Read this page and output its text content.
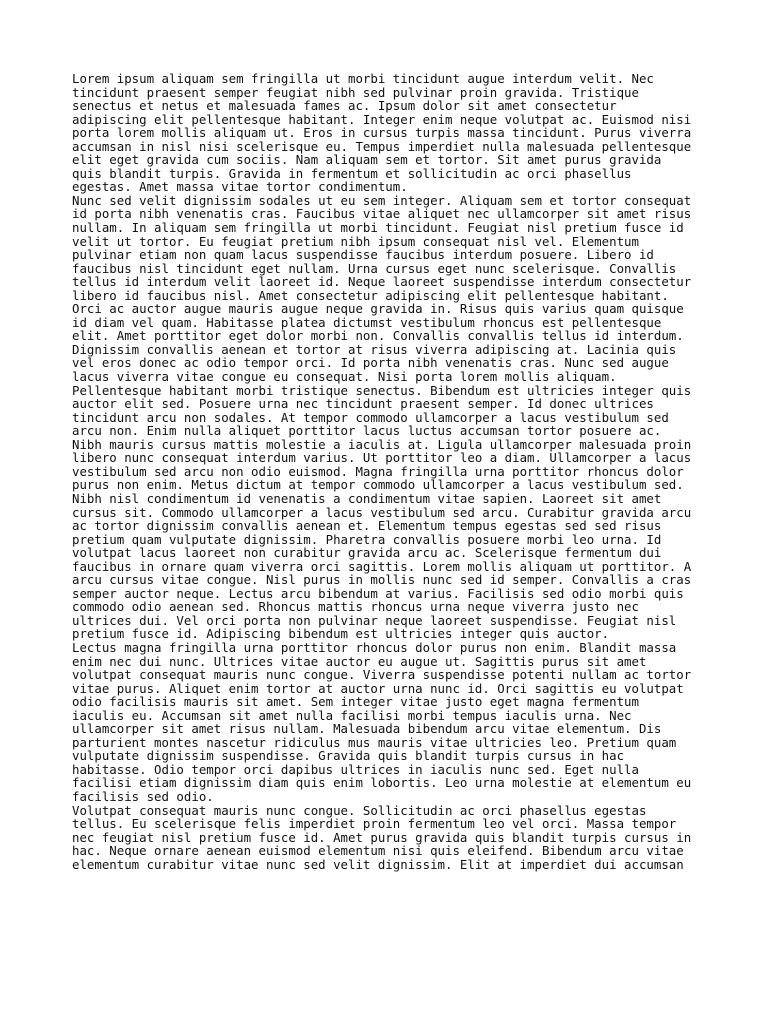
Lorem ipsum aliquam sem fringilla ut morbi tincidunt augue interdum velit. Nec
tincidunt praesent semper feugiat nibh sed pulvinar proin gravida. Tristique
senectus et netus et malesuada fames ac. Ipsum dolor sit amet consectetur
adipiscing elit pellentesque habitant. Integer enim neque volutpat ac. Euismod nisi
porta lorem mollis aliquam ut. Eros in cursus turpis massa tincidunt. Purus viverra
accumsan in nisl nisi scelerisque eu. Tempus imperdiet nulla malesuada pellentesque
elit eget gravida cum sociis. Nam aliquam sem et tortor. Sit amet purus gravida
quis blandit turpis. Gravida in fermentum et sollicitudin ac orci phasellus
egestas. Amet massa vitae tortor condimentum.
Nunc sed velit dignissim sodales ut eu sem integer. Aliquam sem et tortor consequat
id porta nibh venenatis cras. Faucibus vitae aliquet nec ullamcorper sit amet risus
nullam. In aliquam sem fringilla ut morbi tincidunt. Feugiat nisl pretium fusce id
velit ut tortor. Eu feugiat pretium nibh ipsum consequat nisl vel. Elementum
pulvinar etiam non quam lacus suspendisse faucibus interdum posuere. Libero id
faucibus nisl tincidunt eget nullam. Urna cursus eget nunc scelerisque. Convallis
tellus id interdum velit laoreet id. Neque laoreet suspendisse interdum consectetur
libero id faucibus nisl. Amet consectetur adipiscing elit pellentesque habitant.
Orci ac auctor augue mauris augue neque gravida in. Risus quis varius quam quisque
id diam vel quam. Habitasse platea dictumst vestibulum rhoncus est pellentesque
elit. Amet porttitor eget dolor morbi non. Convallis convallis tellus id interdum.
Dignissim convallis aenean et tortor at risus viverra adipiscing at. Lacinia quis
vel eros donec ac odio tempor orci. Id porta nibh venenatis cras. Nunc sed augue
lacus viverra vitae congue eu consequat. Nisi porta lorem mollis aliquam.
Pellentesque habitant morbi tristique senectus. Bibendum est ultricies integer quis
auctor elit sed. Posuere urna nec tincidunt praesent semper. Id donec ultrices
tincidunt arcu non sodales. At tempor commodo ullamcorper a lacus vestibulum sed
arcu non. Enim nulla aliquet porttitor lacus luctus accumsan tortor posuere ac.
Nibh mauris cursus mattis molestie a iaculis at. Ligula ullamcorper malesuada proin
libero nunc consequat interdum varius. Ut porttitor leo a diam. Ullamcorper a lacus
vestibulum sed arcu non odio euismod. Magna fringilla urna porttitor rhoncus dolor
purus non enim. Metus dictum at tempor commodo ullamcorper a lacus vestibulum sed.
Nibh nisl condimentum id venenatis a condimentum vitae sapien. Laoreet sit amet
cursus sit. Commodo ullamcorper a lacus vestibulum sed arcu. Curabitur gravida arcu
ac tortor dignissim convallis aenean et. Elementum tempus egestas sed sed risus
pretium quam vulputate dignissim. Pharetra convallis posuere morbi leo urna. Id
volutpat lacus laoreet non curabitur gravida arcu ac. Scelerisque fermentum dui
faucibus in ornare quam viverra orci sagittis. Lorem mollis aliquam ut porttitor. A
arcu cursus vitae congue. Nisl purus in mollis nunc sed id semper. Convallis a cras
semper auctor neque. Lectus arcu bibendum at varius. Facilisis sed odio morbi quis
commodo odio aenean sed. Rhoncus mattis rhoncus urna neque viverra justo nec
ultrices dui. Vel orci porta non pulvinar neque laoreet suspendisse. Feugiat nisl
pretium fusce id. Adipiscing bibendum est ultricies integer quis auctor.
Lectus magna fringilla urna porttitor rhoncus dolor purus non enim. Blandit massa
enim nec dui nunc. Ultrices vitae auctor eu augue ut. Sagittis purus sit amet
volutpat consequat mauris nunc congue. Viverra suspendisse potenti nullam ac tortor
vitae purus. Aliquet enim tortor at auctor urna nunc id. Orci sagittis eu volutpat
odio facilisis mauris sit amet. Sem integer vitae justo eget magna fermentum
iaculis eu. Accumsan sit amet nulla facilisi morbi tempus iaculis urna. Nec
ullamcorper sit amet risus nullam. Malesuada bibendum arcu vitae elementum. Dis
parturient montes nascetur ridiculus mus mauris vitae ultricies leo. Pretium quam
vulputate dignissim suspendisse. Gravida quis blandit turpis cursus in hac
habitasse. Odio tempor orci dapibus ultrices in iaculis nunc sed. Eget nulla
facilisi etiam dignissim diam quis enim lobortis. Leo urna molestie at elementum eu
facilisis sed odio.
Volutpat consequat mauris nunc congue. Sollicitudin ac orci phasellus egestas
tellus. Eu scelerisque felis imperdiet proin fermentum leo vel orci. Massa tempor
nec feugiat nisl pretium fusce id. Amet purus gravida quis blandit turpis cursus in
hac. Neque ornare aenean euismod elementum nisi quis eleifend. Bibendum arcu vitae
elementum curabitur vitae nunc sed velit dignissim. Elit at imperdiet dui accumsan
